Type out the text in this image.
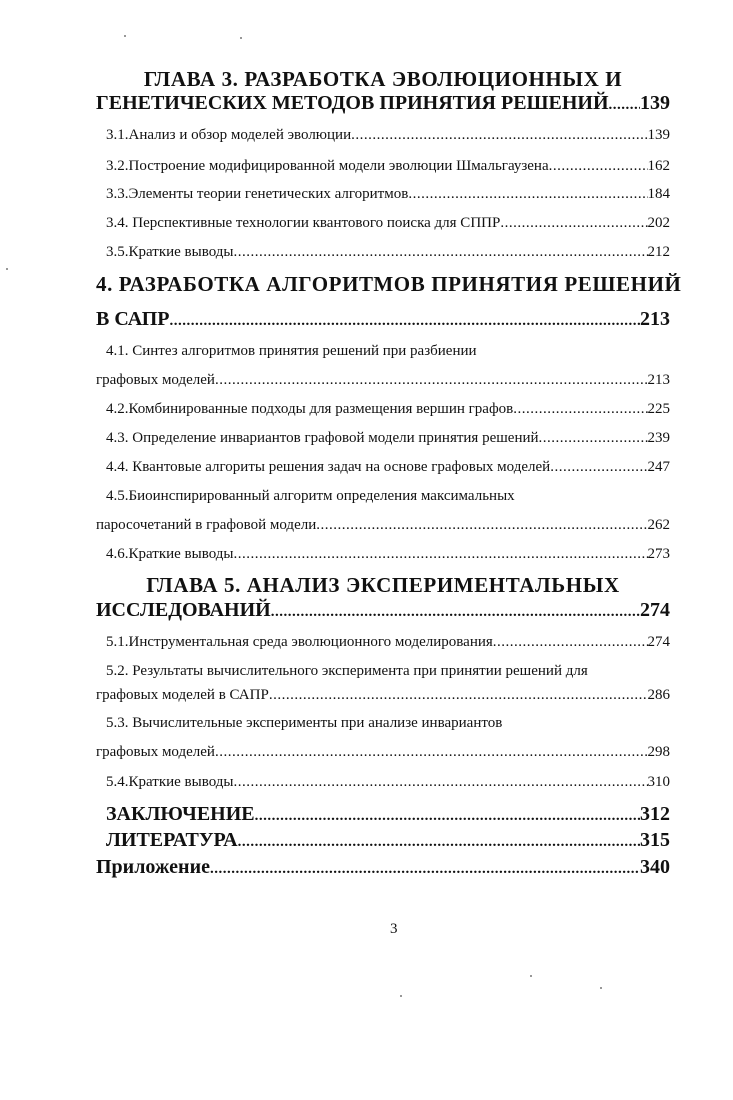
ГЛАВА 3. РАЗРАБОТКА ЭВОЛЮЦИОННЫХ И
ГЕНЕТИЧЕСКИХ МЕТОДОВ ПРИНЯТИЯ РЕШЕНИЙ ..... 139
3.1.Анализ и обзор моделей эволюции .....	139
3.2.Построение модифицированной модели эволюции Шмальгаузена .....	162
3.3.Элементы теории генетических алгоритмов .....	184
3.4. Перспективные технологии квантового поиска для СППР .....	202
3.5.Краткие выводы .....	212
4. РАЗРАБОТКА АЛГОРИТМОВ ПРИНЯТИЯ РЕШЕНИЙ
В САПР .....	213
4.1. Синтез алгоритмов принятия решений при разбиении
графовых моделей .....	213
4.2.Комбинированные подходы для размещения вершин графов .....	225
4.3. Определение инвариантов графовой модели принятия решений .....	239
4.4. Квантовые алгориты решения задач на основе графовых моделей .....	247
4.5.Биоинспирированный алгоритм определения максимальных
паросочетаний в графовой модели .....	262
4.6.Краткие выводы .....	273
ГЛАВА 5. АНАЛИЗ ЭКСПЕРИМЕНТАЛЬНЫХ
ИССЛЕДОВАНИЙ .....	274
5.1.Инструментальная среда эволюционного моделирования .....	274
5.2. Результаты вычислительного эксперимента при принятии решений для
графовых моделей в САПР .....	286
5.3. Вычислительные эксперименты при анализе инвариантов
графовых моделей .....	298
5.4.Краткие выводы .....	310
ЗАКЛЮЧЕНИЕ .....	312
ЛИТЕРАТУРА .....	315
Приложение .....	340
3
